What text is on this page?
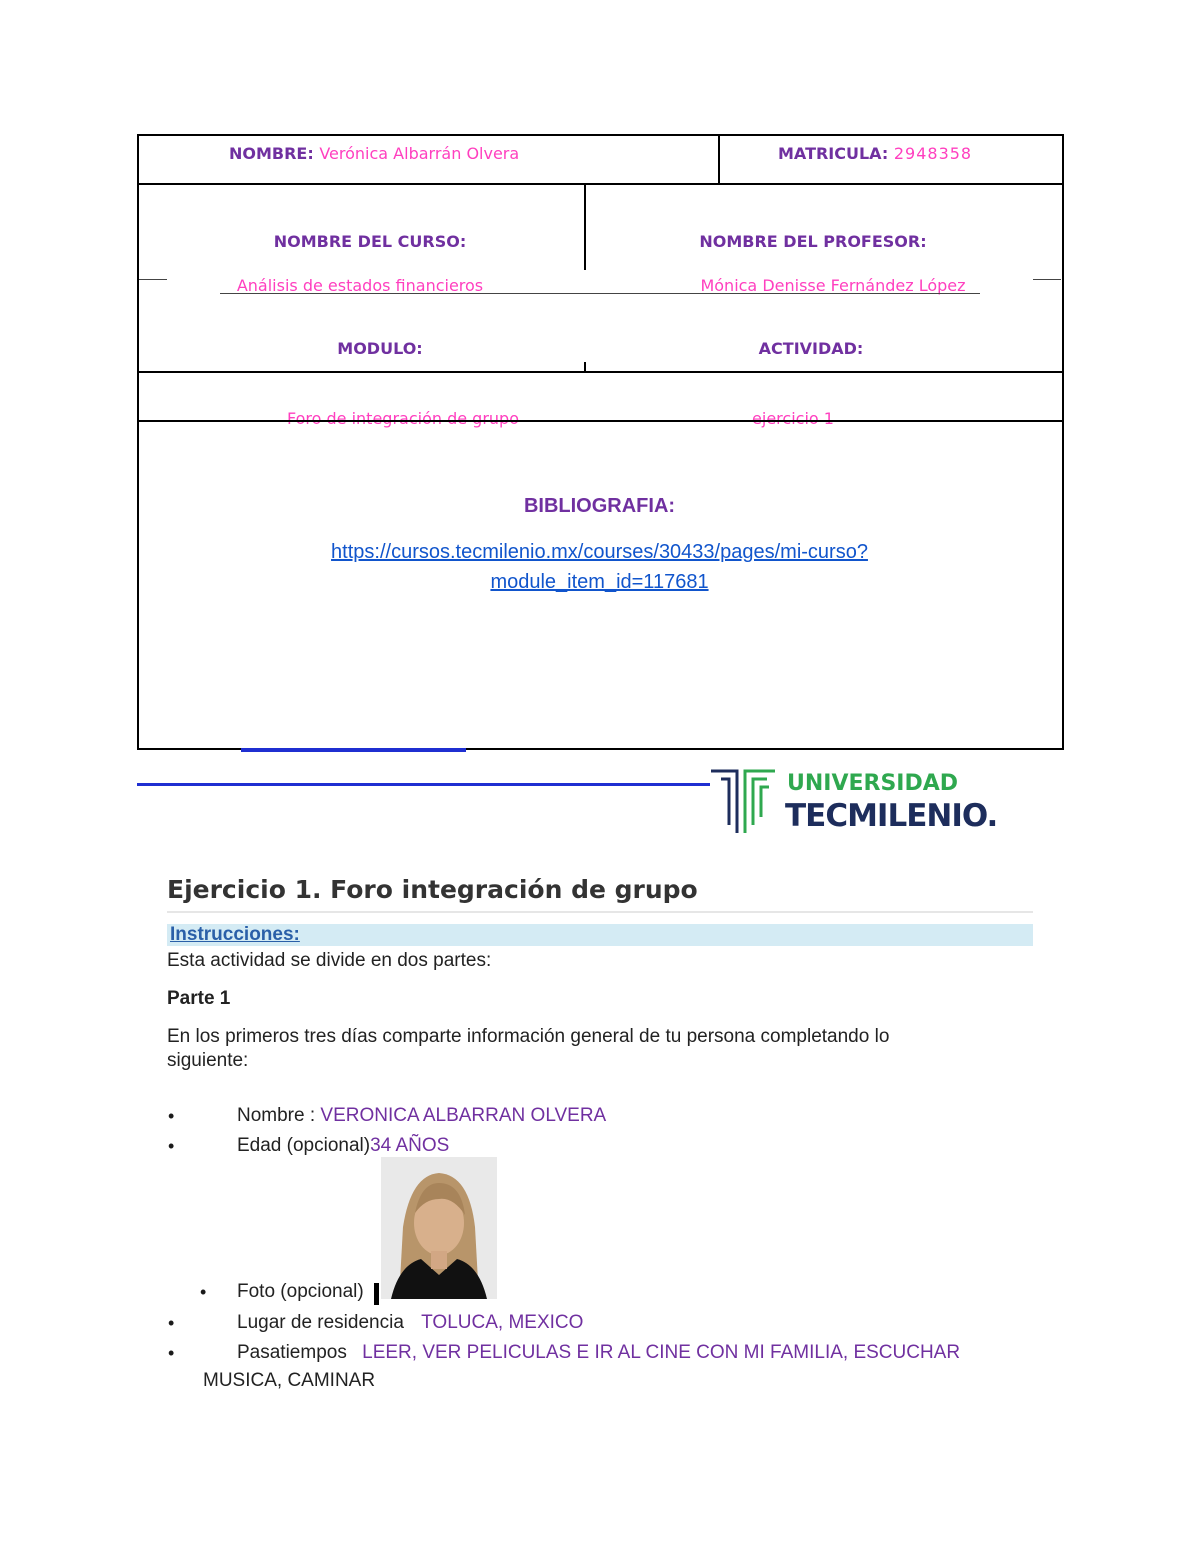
NOMBRE: Verónica Albarrán Olvera	MATRICULA: 2948358
NOMBRE DEL CURSO:	NOMBRE DEL PROFESOR:
Análisis de estados financieros	Mónica Denisse Fernández López
MODULO:	ACTIVIDAD:
Foro de integración de grupo	ejercicio 1
BIBLIOGRAFIA:
https://cursos.tecmilenio.mx/courses/30433/pages/mi-curso?
module_item_id=117681
UNIVERSIDAD
TECMILENIO.
Ejercicio 1. Foro integración de grupo
Instrucciones:
Esta actividad se divide en dos partes:
Parte 1
En los primeros tres días comparte información general de tu persona completando lo
siguiente:
•	Nombre : VERONICA ALBARRAN OLVERA
•	Edad (opcional)34 AÑOS
• Foto (opcional)
•	Lugar de residencia TOLUCA, MEXICO
•	Pasatiempos LEER, VER PELICULAS E IR AL CINE CON MI FAMILIA, ESCUCHAR
MUSICA, CAMINAR
